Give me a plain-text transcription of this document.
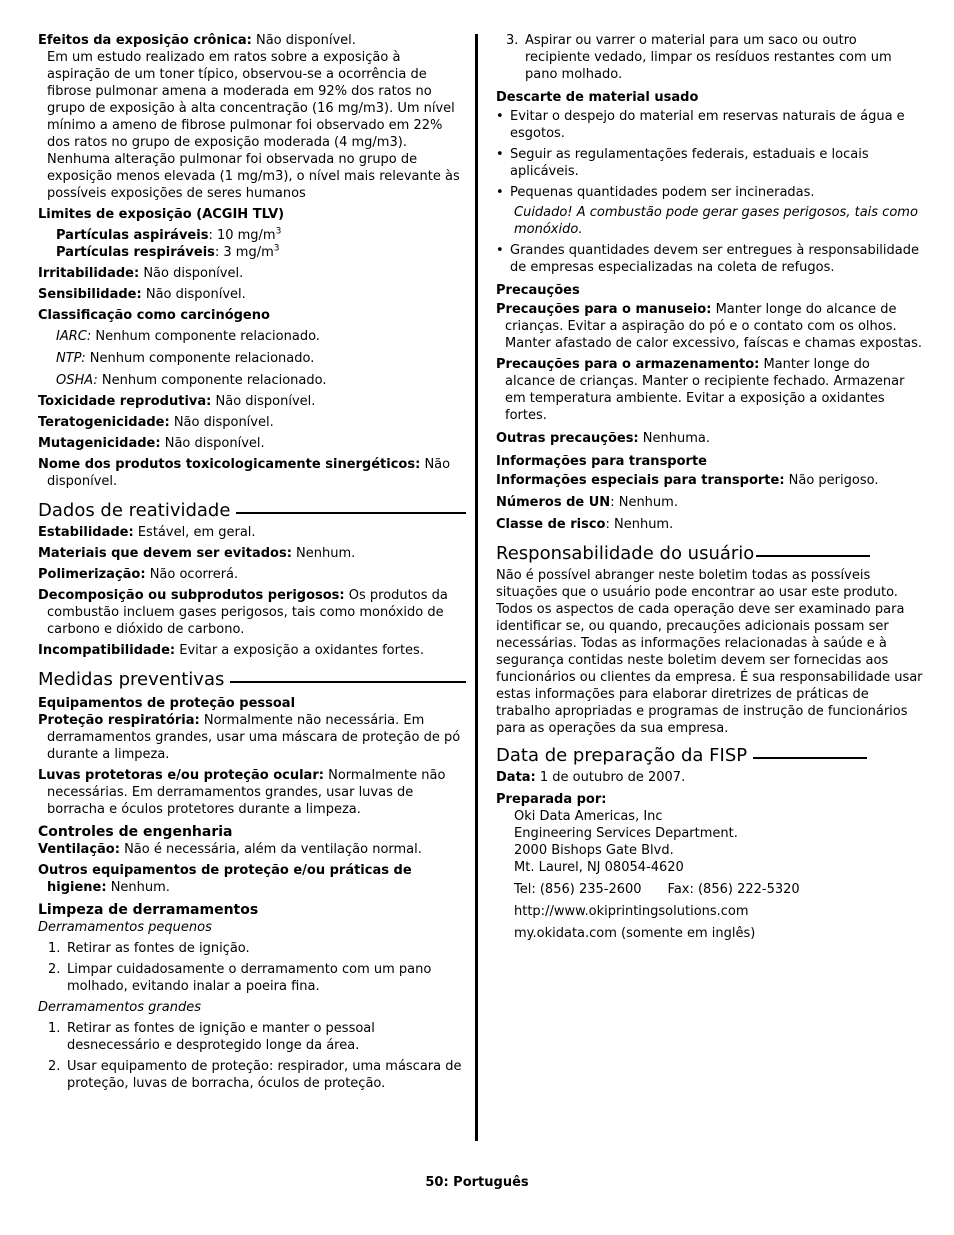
Efeitos da exposição crônica: Não disponível.

Em um estudo realizado em ratos sobre a exposição à aspiração de um toner típico, observou-se a ocorrência de fibrose pulmonar amena a moderada em 92% dos ratos no grupo de exposição à alta concentração (16 mg/m3). Um nível mínimo a ameno de fibrose pulmonar foi observado em 22% dos ratos no grupo de exposição moderada (4 mg/m3). Nenhuma alteração pulmonar foi observada no grupo de exposição menos elevada (1 mg/m3), o nível mais relevante às possíveis exposições de seres humanos

Limites de exposição (ACGIH TLV)

Partículas aspiráveis: 10 $mg/m^3$

Partículas respiráveis: 3 $mg/m^3$

Irritabilidade: Não disponível.

Sensibilidade: Não disponível.

Classificação como carcinógeno

IARC: Nenhum componente relacionado.

NTP: Nenhum componente relacionado.

OSHA: Nenhum componente relacionado.

Toxicidade reprodutiva: Não disponível.

Teratogenicidade: Não disponível.

Mutagenicidade: Não disponível.

Nome dos produtos toxicologicamente sinergéticos: Não disponível.

Dados de reatividade

Estabilidade: Estável, em geral.

Materiais que devem ser evitados: Nenhum.

Polimerização: Não ocorrerá.

Decomposição ou subprodutos perigosos: Os produtos da combustão incluem gases perigosos, tais como monóxido de carbono e dióxido de carbono.

Incompatibilidade: Evitar a exposição a oxidantes fortes.

Medidas preventivas

Equipamentos de proteção pessoal

Proteção respiratória: Normalmente não necessária. Em derramamentos grandes, usar uma máscara de proteção de pó durante a limpeza.

Luvas protetoras e/ou proteção ocular: Normalmente não necessárias. Em derramamentos grandes, usar luvas de borracha e óculos protetores durante a limpeza.

Controles de engenharia

Ventilação: Não é necessária, além da ventilação normal.

Outros equipamentos de proteção e/ou práticas de higiene: Nenhum.

Limpeza de derramamentos

Derramamentos pequenos

1. Retirar as fontes de ignição.
2. Limpar cuidadosamente o derramamento com um pano molhado, evitando inalar a poeira fina.

Derramamentos grandes

1. Retirar as fontes de ignição e manter o pessoal desnecessário e desprotegido longe da área.
2. Usar equipamento de proteção: respirador, uma máscara de proteção, luvas de borracha, óculos de proteção.
3. Aspirar ou varrer o material para um saco ou outro recipiente vedado, limpar os resíduos restantes com um pano molhado.

Descarte de material usado

• Evitar o despejo do material em reservas naturais de água e esgotos.
• Seguir as regulamentações federais, estaduais e locais aplicáveis.
• Pequenas quantidades podem ser incineradas.

Cuidado! A combustão pode gerar gases perigosos, tais como monóxido.

• Grandes quantidades devem ser entregues à responsabilidade de empresas especializadas na coleta de refugos.

Precauções

Precauções para o manuseio: Manter longe do alcance de crianças. Evitar a aspiração do pó e o contato com os olhos. Manter afastado de calor excessivo, faíscas e chamas expostas.

Precauções para o armazenamento: Manter longe do alcance de crianças. Manter o recipiente fechado. Armazenar em temperatura ambiente. Evitar a exposição a oxidantes fortes.

Outras precauções: Nenhuma.

Informações para transporte

Informações especiais para transporte: Não perigoso.

Números de UN: Nenhum.

Classe de risco: Nenhum.

Responsabilidade do usuário

Não é possível abranger neste boletim todas as possíveis situações que o usuário pode encontrar ao usar este produto. Todos os aspectos de cada operação deve ser examinado para identificar se, ou quando, precauções adicionais possam ser necessárias. Todas as informações relacionadas à saúde e à segurança contidas neste boletim devem ser fornecidas aos funcionários ou clientes da empresa. É sua responsabilidade usar estas informações para elaborar diretrizes de práticas de trabalho apropriadas e programas de instrução de funcionários para as operações da sua empresa.

Data de preparação da FISP

Data: 1 de outubro de 2007.

Preparada por:

Oki Data Americas, Inc

Engineering Services Department.

2000 Bishops Gate Blvd.

Mt. Laurel, NJ 08054-4620

Tel: (856) 235-2600 Fax: (856) 222-5320

http://www.okiprintingsolutions.com

my.okidata.com (somente em inglês)

50: Português
